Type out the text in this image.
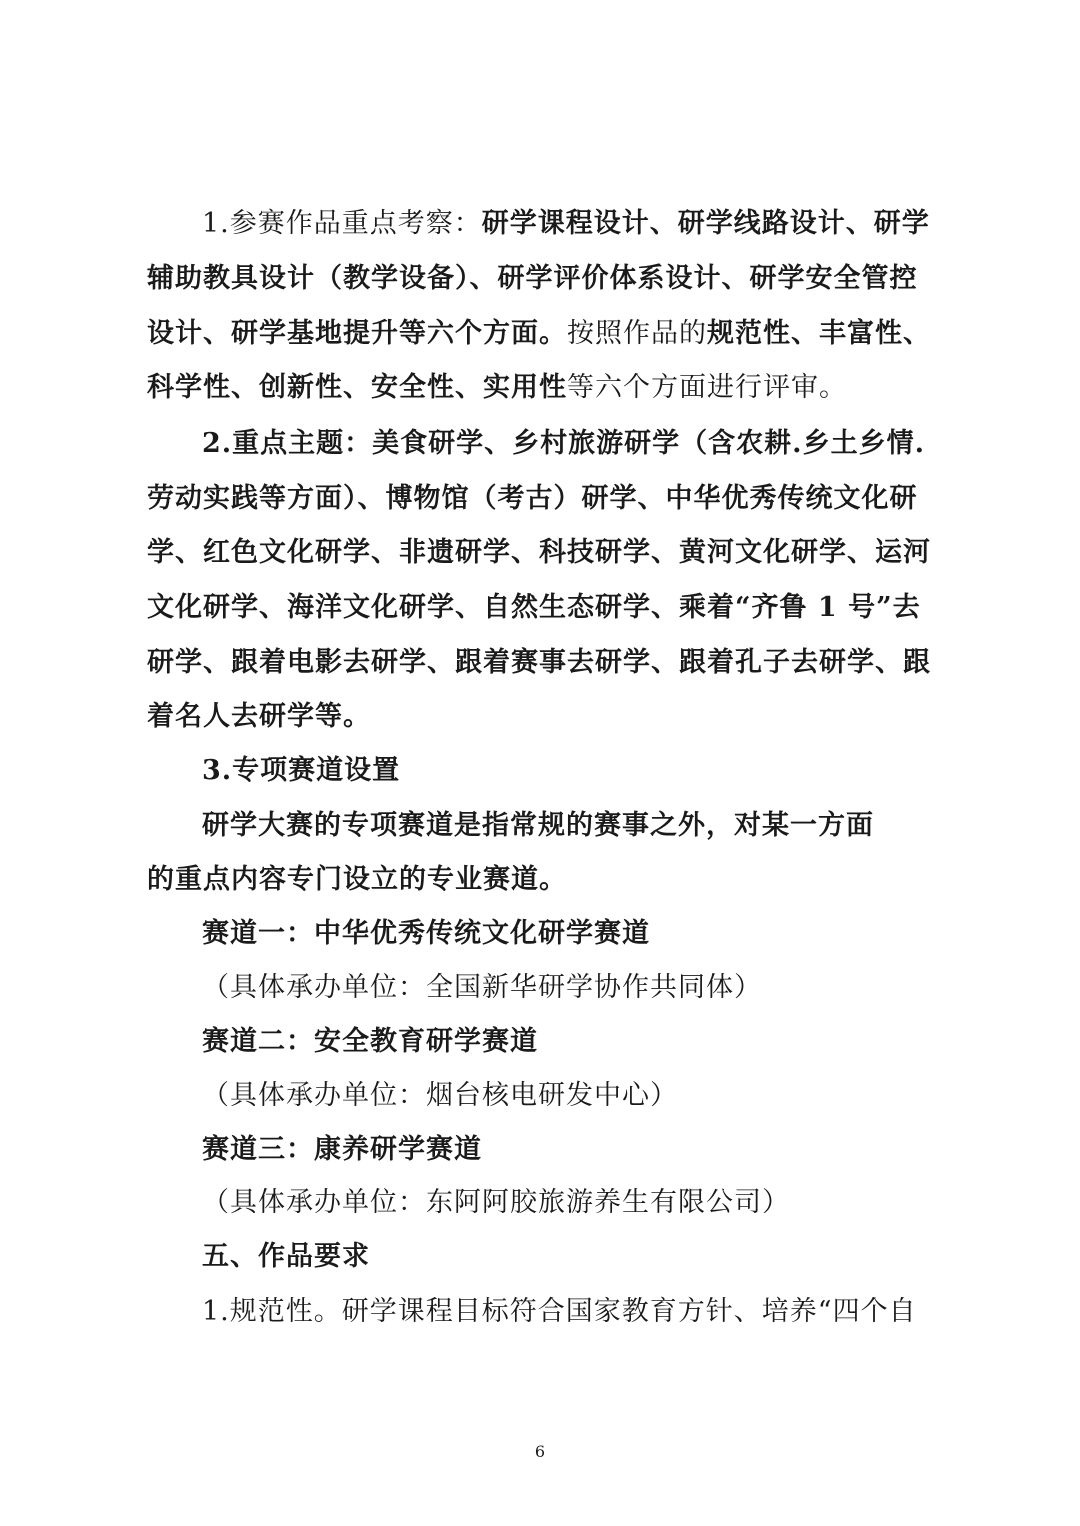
1.参赛作品重点考察：研学课程设计、研学线路设计、研学
辅助教具设计（教学设备）、研学评价体系设计、研学安全管控
设计、研学基地提升等六个方面。按照作品的规范性、丰富性、
科学性、创新性、安全性、实用性等六个方面进行评审。
2.重点主题：美食研学、乡村旅游研学（含农耕.乡土乡情.
劳动实践等方面）、博物馆（考古）研学、中华优秀传统文化研
学、红色文化研学、非遗研学、科技研学、黄河文化研学、运河
文化研学、海洋文化研学、自然生态研学、乘着“齐鲁 1 号”去
研学、跟着电影去研学、跟着赛事去研学、跟着孔子去研学、跟
着名人去研学等。
3.专项赛道设置
研学大赛的专项赛道是指常规的赛事之外，对某一方面
的重点内容专门设立的专业赛道。
赛道一：中华优秀传统文化研学赛道
（具体承办单位：全国新华研学协作共同体）
赛道二：安全教育研学赛道
（具体承办单位：烟台核电研发中心）
赛道三：康养研学赛道
（具体承办单位：东阿阿胶旅游养生有限公司）
五、作品要求
1.规范性。研学课程目标符合国家教育方针、培养“四个自
6
